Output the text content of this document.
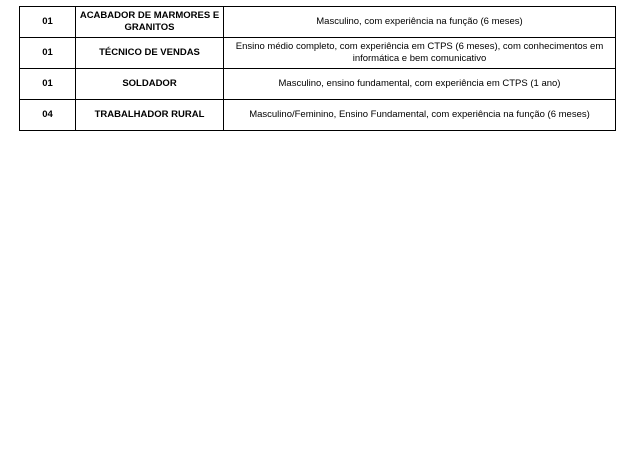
01	ACABADOR DE MARMORES E GRANITOS	Masculino, com experiência na função (6 meses)
01	TÉCNICO DE VENDAS	Ensino médio completo, com experiência em CTPS (6 meses), com conhecimentos em informática e bem comunicativo
01	SOLDADOR	Masculino, ensino fundamental, com experiência em CTPS (1 ano)
04	TRABALHADOR RURAL	Masculino/Feminino, Ensino Fundamental, com experiência na função (6 meses)
